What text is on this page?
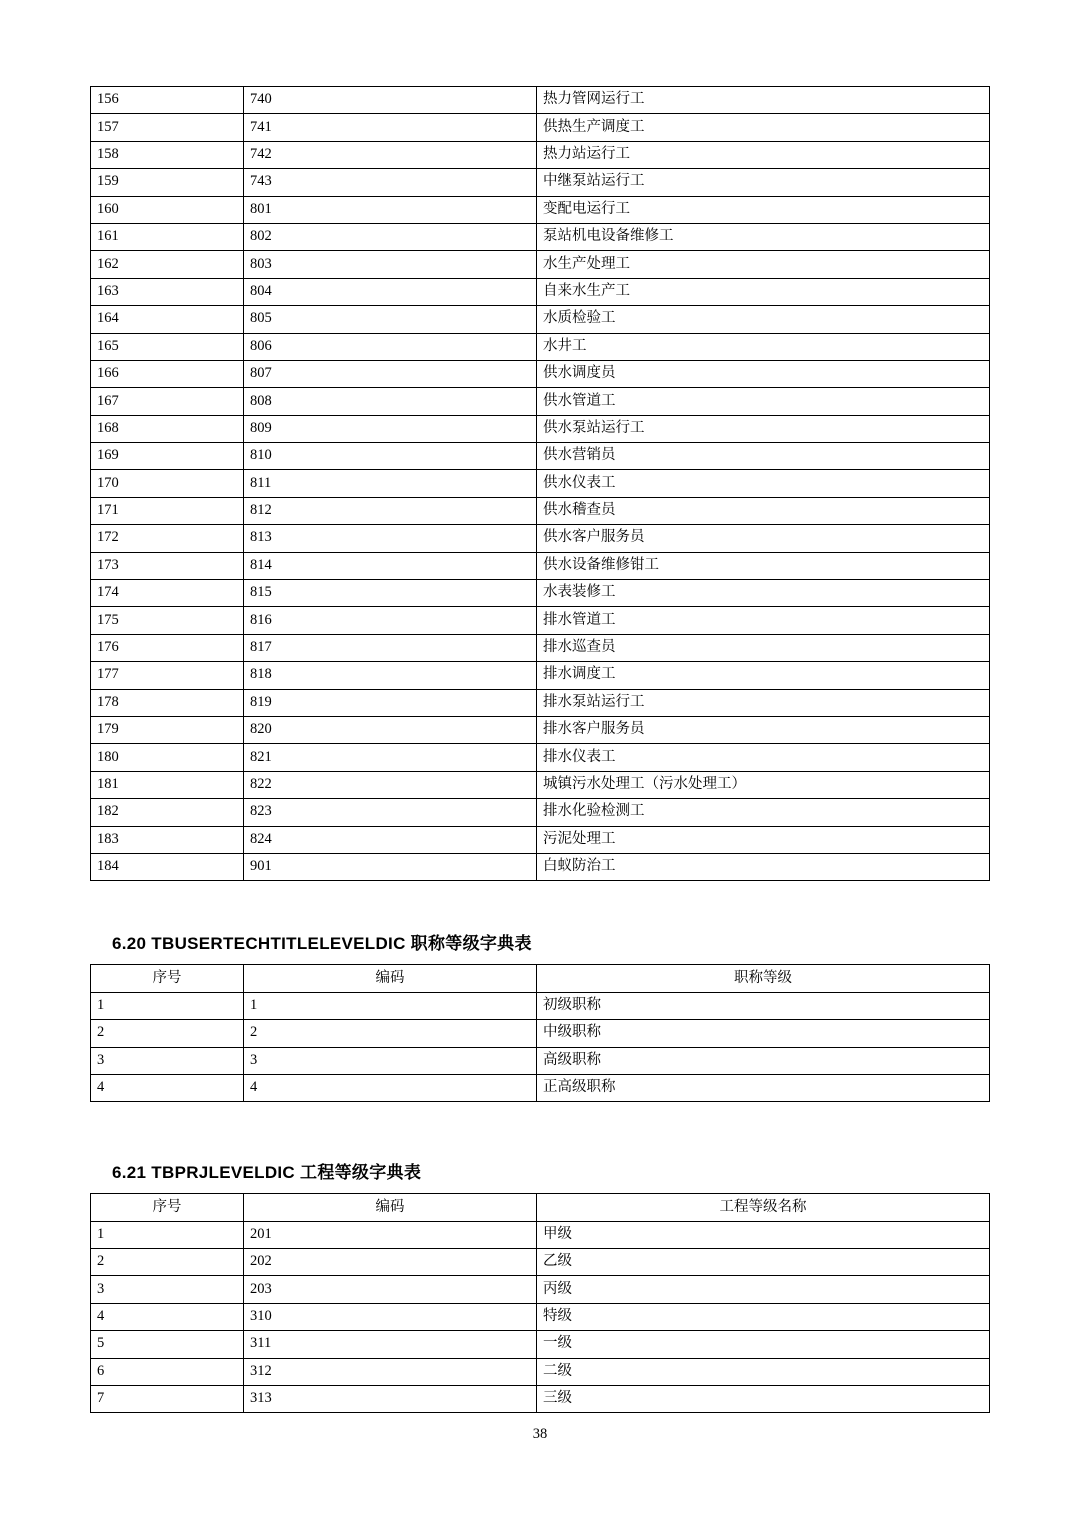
156	740	热力管网运行工
157	741	供热生产调度工
158	742	热力站运行工
159	743	中继泵站运行工
160	801	变配电运行工
161	802	泵站机电设备维修工
162	803	水生产处理工
163	804	自来水生产工
164	805	水质检验工
165	806	水井工
166	807	供水调度员
167	808	供水管道工
168	809	供水泵站运行工
169	810	供水营销员
170	811	供水仪表工
171	812	供水稽查员
172	813	供水客户服务员
173	814	供水设备维修钳工
174	815	水表装修工
175	816	排水管道工
176	817	排水巡查员
177	818	排水调度工
178	819	排水泵站运行工
179	820	排水客户服务员
180	821	排水仪表工
181	822	城镇污水处理工（污水处理工）
182	823	排水化验检测工
183	824	污泥处理工
184	901	白蚁防治工
6.20 TBUSERTECHTITLELEVELDIC 职称等级字典表
序号	编码	职称等级
1	1	初级职称
2	2	中级职称
3	3	高级职称
4	4	正高级职称
6.21 TBPRJLEVELDIC 工程等级字典表
序号	编码	工程等级名称
1	201	甲级
2	202	乙级
3	203	丙级
4	310	特级
5	311	一级
6	312	二级
7	313	三级
38
